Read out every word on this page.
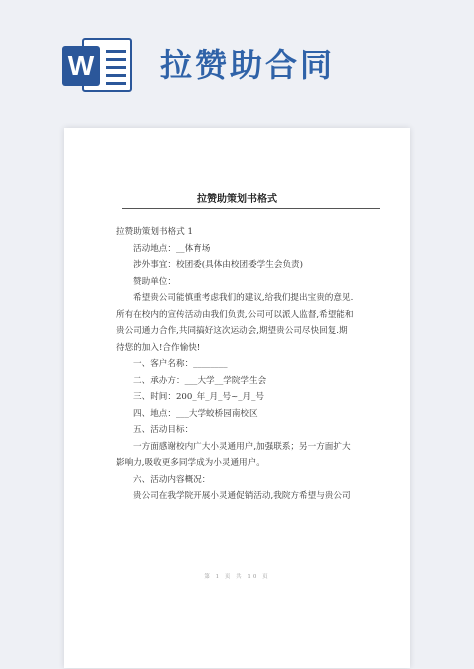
W 拉赞助合同
拉赞助策划书格式
拉赞助策划书格式 1
活动地点：__体育场
涉外事宜：校团委(具体由校团委学生会负责)
赞助单位：
希望贵公司能慎重考虑我们的建议,给我们提出宝贵的意见.
所有在校内的宣传活动由我们负责,公司可以派人监督,希望能和
贵公司通力合作,共同搞好这次运动会,期望贵公司尽快回复.期
待您的加入!合作愉快!
一、客户名称：________
二、承办方：___大学__学院学生会
三、时间：200_年_月_号~_月_号
四、地点：___大学蛟桥园南校区
五、活动目标：
一方面感谢校内广大小灵通用户,加强联系；另一方面扩大
影响力,吸收更多同学成为小灵通用户。
六、活动内容概况：
贵公司在我学院开展小灵通促销活动,我院方希望与贵公司
第 1 页 共 10 页
